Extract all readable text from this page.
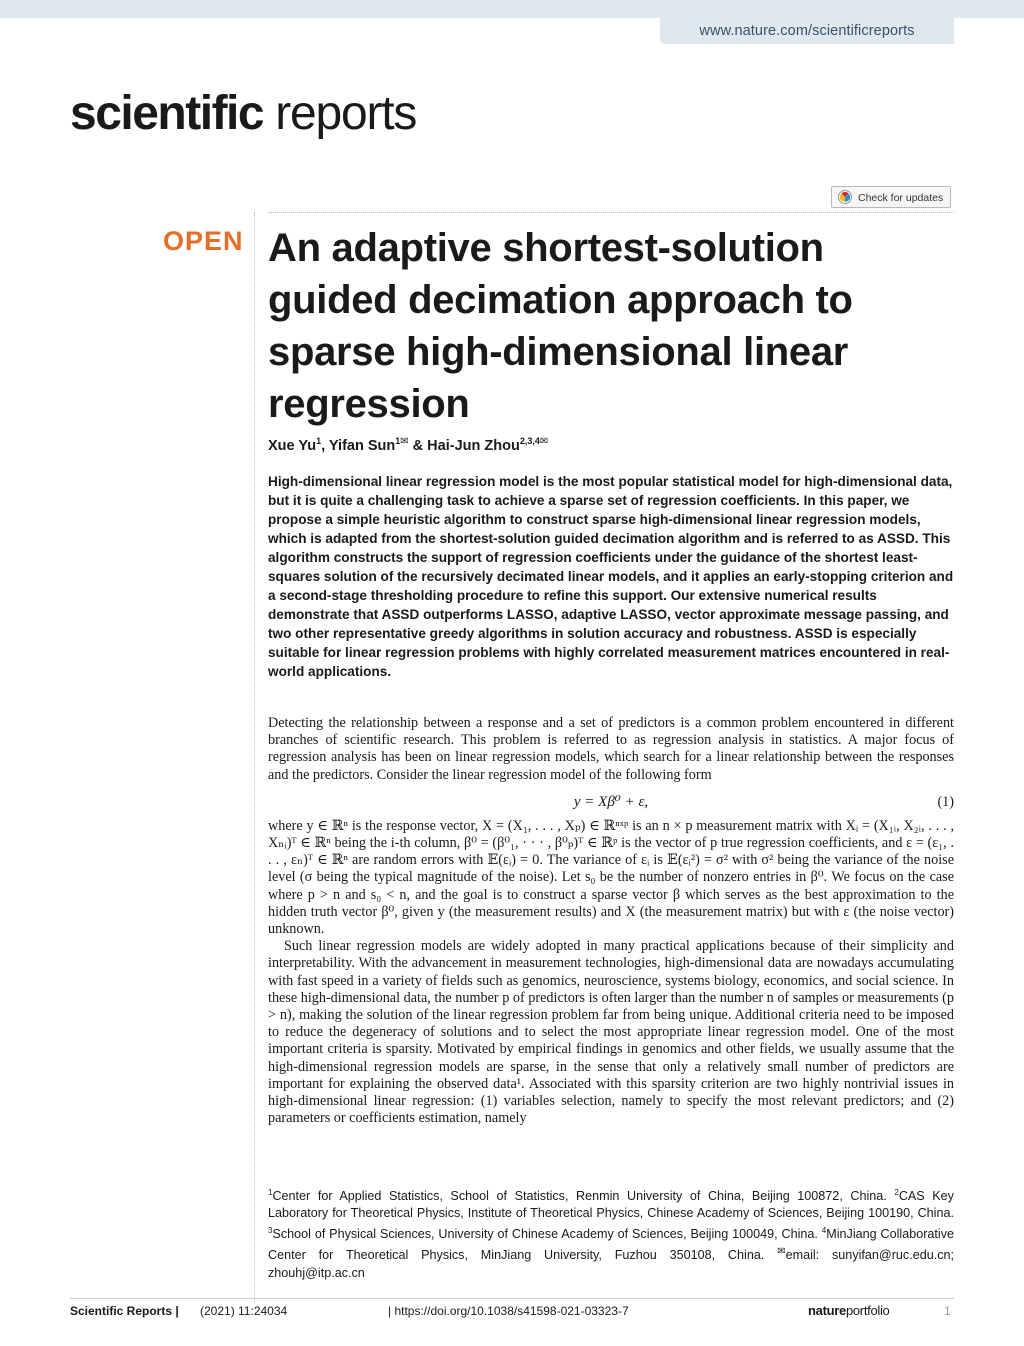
www.nature.com/scientificreports
scientific reports
Check for updates
OPEN An adaptive shortest-solution guided decimation approach to sparse high-dimensional linear regression
Xue Yu$^1$, Yifan Sun$^{1✉}$ & Hai-Jun Zhou$^{2,3,4✉}$

High-dimensional linear regression model is the most popular statistical model for high-dimensional data, but it is quite a challenging task to achieve a sparse set of regression coefficients. In this paper, we propose a simple heuristic algorithm to construct sparse high-dimensional linear regression models, which is adapted from the shortest-solution guided decimation algorithm and is referred to as ASSD. This algorithm constructs the support of regression coefficients under the guidance of the shortest least-squares solution of the recursively decimated linear models, and it applies an early-stopping criterion and a second-stage thresholding procedure to refine this support. Our extensive numerical results demonstrate that ASSD outperforms LASSO, adaptive LASSO, vector approximate message passing, and two other representative greedy algorithms in solution accuracy and robustness. ASSD is especially suitable for linear regression problems with highly correlated measurement matrices encountered in real-world applications.

Detecting the relationship between a response and a set of predictors is a common problem encountered in different branches of scientific research. This problem is referred to as regression analysis in statistics. A major focus of regression analysis has been on linear regression models, which search for a linear relationship between the responses and the predictors. Consider the linear regression model of the following form

y = Xβ⁰ + ε,	(1)

where y ∈ ℝⁿ is the response vector, X = (X₁, . . . , Xₚ) ∈ ℝⁿˣᵖ is an n × p measurement matrix with Xᵢ = (X₁ᵢ, X₂ᵢ, . . . , Xₙᵢ)ᵀ ∈ ℝⁿ being the i-th column, β⁰ = (β⁰₁, · · · , β⁰ₚ)ᵀ ∈ ℝᵖ is the vector of p true regression coefficients, and ε = (ε₁, . . . , εₙ)ᵀ ∈ ℝⁿ are random errors with 𝔼(εᵢ) = 0. The variance of εᵢ is 𝔼(εᵢ²) = σ² with σ² being the variance of the noise level (σ being the typical magnitude of the noise). Let s₀ be the number of nonzero entries in β⁰. We focus on the case where p > n and s₀ < n, and the goal is to construct a sparse vector β which serves as the best approximation to the hidden truth vector β⁰, given y (the measurement results) and X (the measurement matrix) but with ε (the noise vector) unknown.

Such linear regression models are widely adopted in many practical applications because of their simplicity and interpretability. With the advancement in measurement technologies, high-dimensional data are nowadays accumulating with fast speed in a variety of fields such as genomics, neuroscience, systems biology, economics, and social science. In these high-dimensional data, the number p of predictors is often larger than the number n of samples or measurements (p > n), making the solution of the linear regression problem far from being unique. Additional criteria need to be imposed to reduce the degeneracy of solutions and to select the most appropriate linear regression model. One of the most important criteria is sparsity. Motivated by empirical findings in genomics and other fields, we usually assume that the high-dimensional regression models are sparse, in the sense that only a relatively small number of predictors are important for explaining the observed data¹. Associated with this sparsity criterion are two highly nontrivial issues in high-dimensional linear regression: (1) variables selection, namely to specify the most relevant predictors; and (2) parameters or coefficients estimation, namely

$^1$Center for Applied Statistics, School of Statistics, Renmin University of China, Beijing 100872, China. $^2$CAS Key Laboratory for Theoretical Physics, Institute of Theoretical Physics, Chinese Academy of Sciences, Beijing 100190, China. $^3$School of Physical Sciences, University of Chinese Academy of Sciences, Beijing 100049, China. $^4$MinJiang Collaborative Center for Theoretical Physics, MinJiang University, Fuzhou 350108, China. ✉email: sunyifan@ruc.edu.cn; zhouhj@itp.ac.cn
Scientific Reports | (2021) 11:24034	| https://doi.org/10.1038/s41598-021-03323-7	natureportfolio	1
